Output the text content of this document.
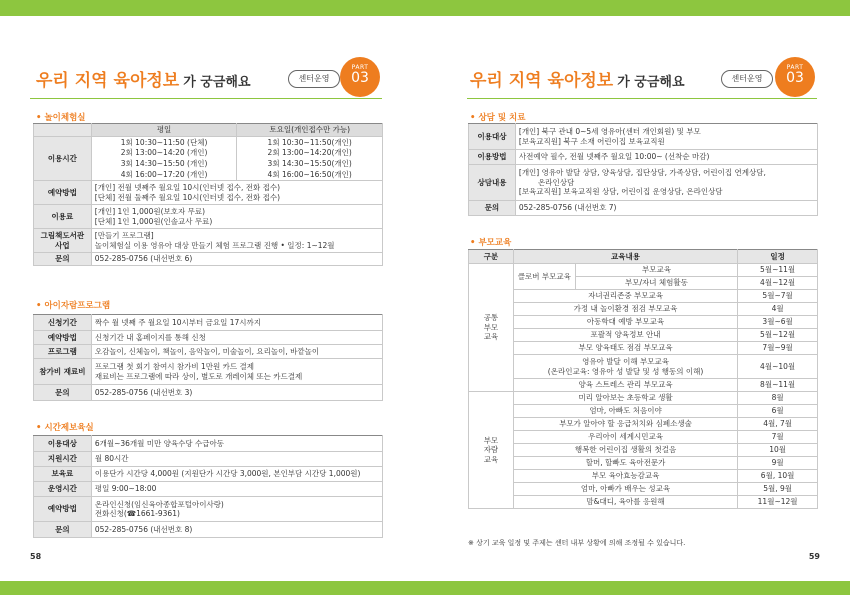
우리 지역 육아정보 가 궁금해요	센터운영
PART
03
• 놀이체험실
	평일	토요일(개인접수만 가능)
이용시간	1회 10:30~11:50 (단체)	1회 10:30~11:50(개인)
	2회 13:00~14:20 (개인)	2회 13:00~14:20(개인)
	3회 14:30~15:50 (개인)	3회 14:30~15:50(개인)
	4회 16:00~17:20 (개인)	4회 16:00~16:50(개인)
예약방법	[개인] 전월 넷째주 월요일 10시(인터넷 접수, 전화 접수)
[단체] 전월 둘째주 월요일 10시(인터넷 접수, 전화 접수)	

이용료	[개인] 1인 1,000원(보호자 무료)
[단체] 1인 1,000원(인솔교사 무료)	

그림책도서관 사업	[만들기 프로그램]
놀이체험실 이용 영유아 대상 만들기 체험 프로그램 진행 • 일정: 1~12월	

문의	052-285-0756 (내선번호 6)	
• 아이자람프로그램
신청기간	짝수 월 넷째 주 월요일 10시부터 금요일 17시까지
예약방법	신청기간 내 홈페이지를 통해 신청
프로그램	오감놀이, 신체놀이, 책놀이, 음악놀이, 미술놀이, 요리놀이, 바깥놀이
참가비 재료비	프로그램 첫 회기 참여시 참가비 1만원 카드 결제
재료비는 프로그램에 따라 상이, 별도로 개레이체 또는 카드결제
문의	052-285-0756 (내선번호 3)
• 시간제보육실
이용대상	6개월~36개월 미만 양육수당 수급아동
지원시간	월 80시간
보육료	이용단가 시간당 4,000원 (지원단가 시간당 3,000원, 본인부담 시간당 1,000원)
운영시간	평일 9:00~18:00
예약방법	온라인신청(임신육아종합포털아이사랑)
전화신청(☎1661-9361)
문의	052-285-0756 (내선번호 8)
58
우리 지역 육아정보 가 궁금해요	센터운영
PART
03
• 상담 및 치료
이용대상	[개인] 북구 관내 0~5세 영유아(센터 개인회원) 및 부모
[보육교직원] 북구 소재 어린이집 보육교직원
이용방법	사전예약 필수, 전월 넷째주 월요일 10:00~ (선착순 마감)
상담내용	[개인] 영유아 발달 상담, 양육상담, 집단상담, 가족상담, 어린이집 연계상담,
온라인상담
[보육교직원] 보육교직원 상담, 어린이집 운영상담, 온라인상담
문의	052-285-0756 (내선번호 7)
• 부모교육
구분	교육내용		일정
공통
부모
교육	클로버 부모교육	부모교육	5월~11월
		부모/자녀 체험활동	4월~12월
	자녀권리존중 부모교육		5월~7월
	가정 내 놀이환경 점검 부모교육		4월
	아동학대 예방 부모교육		3월~6월
	포괄적 양육정보 안내		5월~12월
	부모 양육태도 점검 부모교육		7월~9월
	영유아 발달 이해 부모교육
(온라인교육: 영유아 성 발달 및 성 행동의 이해)		4월~10월
	양육 스트레스 관리 부모교육		8월~11월
부모
자람
교육	미리 알아보는 초등학교 생활		8월
	엄마, 아빠도 처음이야		6월
	부모가 알아야 할 응급처치와 심폐소생술		4월, 7월
	우리아이 세계시민교육		7월
	행복한 어린이집 생활의 첫걸음		10월
	할머, 할빠도 육아전문가		9월
	부모 육아효능감교육		6월, 10월
	엄마, 아빠가 배우는 성교육		5월, 9월
	맘&대디, 육아를 응원해		11월~12월
※ 상기 교육 일정 및 주제는 센터 내부 상황에 의해 조정될 수 있습니다.
59
